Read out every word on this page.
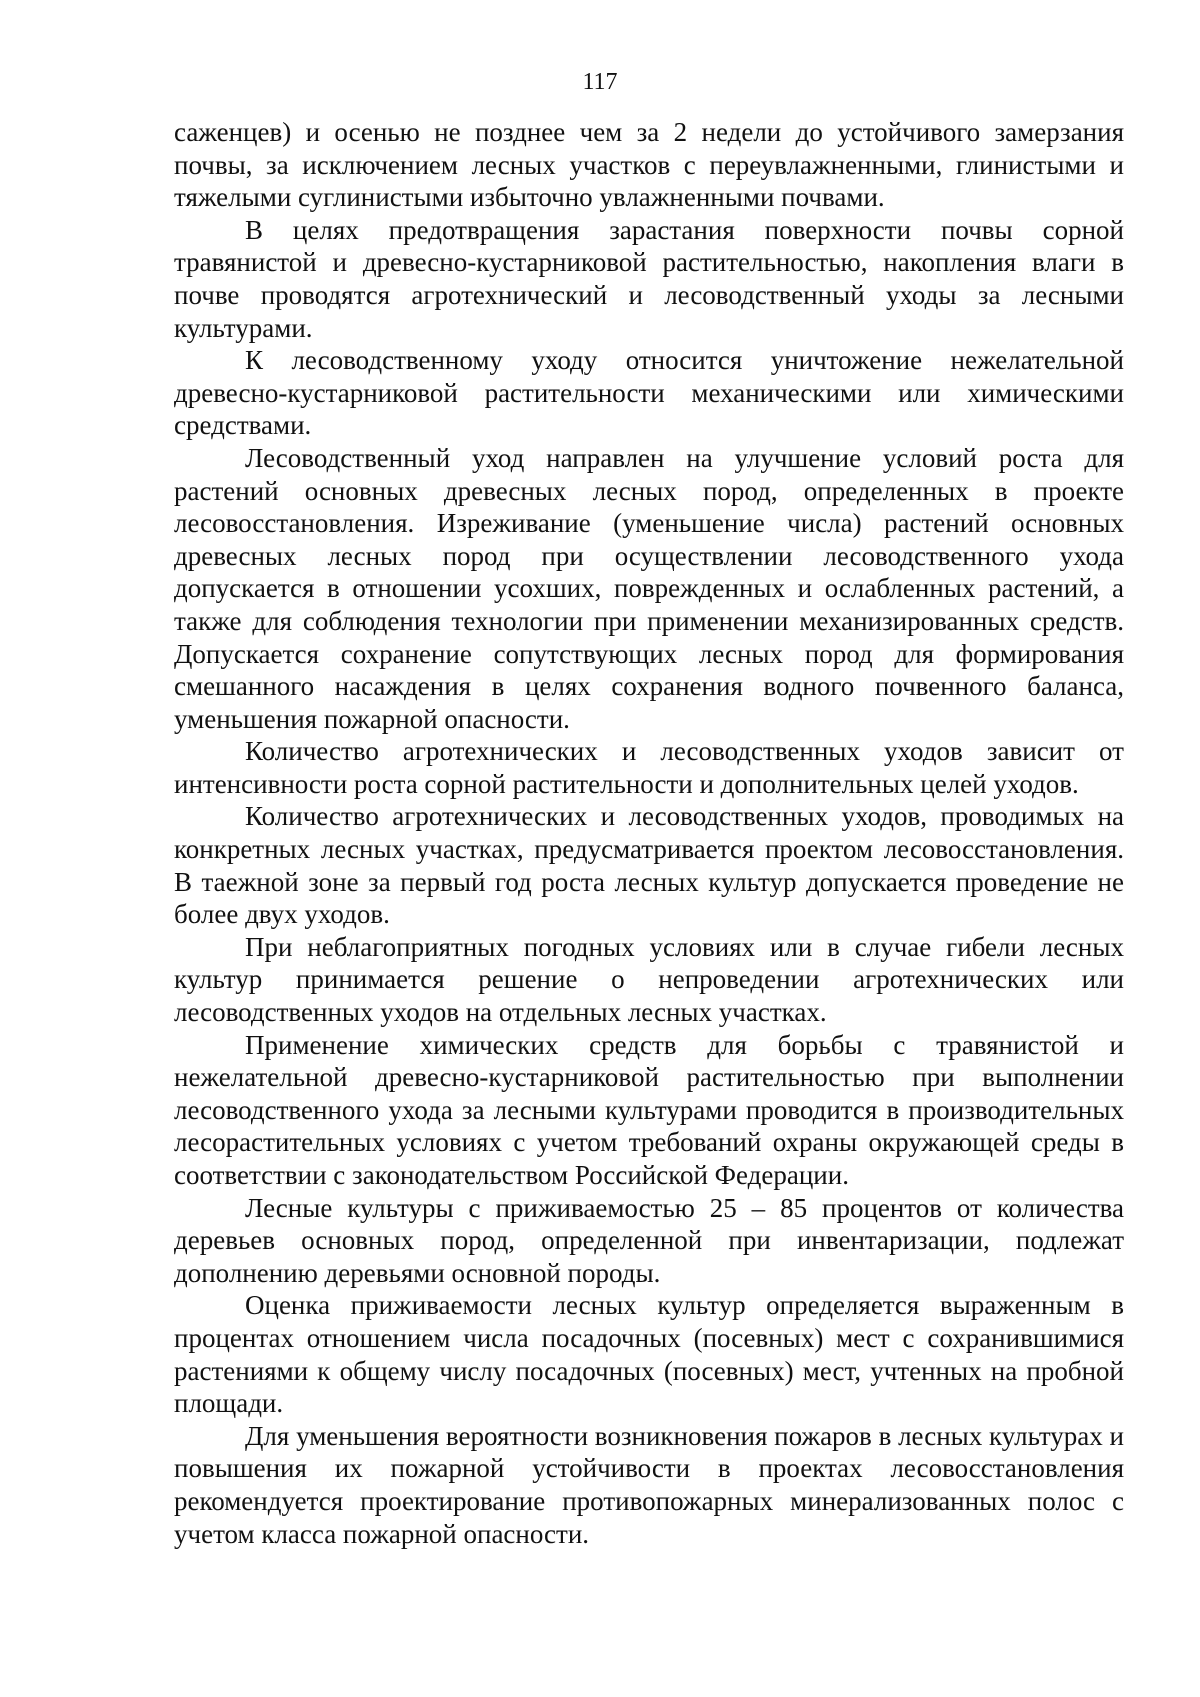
117

саженцев) и осенью не позднее чем за 2 недели до устойчивого замерзания почвы, за исключением лесных участков с переувлажненными, глинистыми и тяжелыми суглинистыми избыточно увлажненными почвами.

В целях предотвращения зарастания поверхности почвы сорной травянистой и древесно-кустарниковой растительностью, накопления влаги в почве проводятся агротехнический и лесоводственный уходы за лесными культурами.

К лесоводственному уходу относится уничтожение нежелательной древесно-кустарниковой растительности механическими или химическими средствами.

Лесоводственный уход направлен на улучшение условий роста для растений основных древесных лесных пород, определенных в проекте лесовосстановления. Изреживание (уменьшение числа) растений основных древесных лесных пород при осуществлении лесоводственного ухода допускается в отношении усохших, поврежденных и ослабленных растений, а также для соблюдения технологии при применении механизированных средств. Допускается сохранение сопутствующих лесных пород для формирования смешанного насаждения в целях сохранения водного почвенного баланса, уменьшения пожарной опасности.

Количество агротехнических и лесоводственных уходов зависит от интенсивности роста сорной растительности и дополнительных целей уходов.

Количество агротехнических и лесоводственных уходов, проводимых на конкретных лесных участках, предусматривается проектом лесовосстановления. В таежной зоне за первый год роста лесных культур допускается проведение не более двух уходов.

При неблагоприятных погодных условиях или в случае гибели лесных культур принимается решение о непроведении агротехнических или лесоводственных уходов на отдельных лесных участках.

Применение химических средств для борьбы с травянистой и нежелательной древесно-кустарниковой растительностью при выполнении лесоводственного ухода за лесными культурами проводится в производительных лесорастительных условиях с учетом требований охраны окружающей среды в соответствии с законодательством Российской Федерации.

Лесные культуры с приживаемостью 25 – 85 процентов от количества деревьев основных пород, определенной при инвентаризации, подлежат дополнению деревьями основной породы.

Оценка приживаемости лесных культур определяется выраженным в процентах отношением числа посадочных (посевных) мест с сохранившимися растениями к общему числу посадочных (посевных) мест, учтенных на пробной площади.

Для уменьшения вероятности возникновения пожаров в лесных культурах и повышения их пожарной устойчивости в проектах лесовосстановления рекомендуется проектирование противопожарных минерализованных полос с учетом класса пожарной опасности.
